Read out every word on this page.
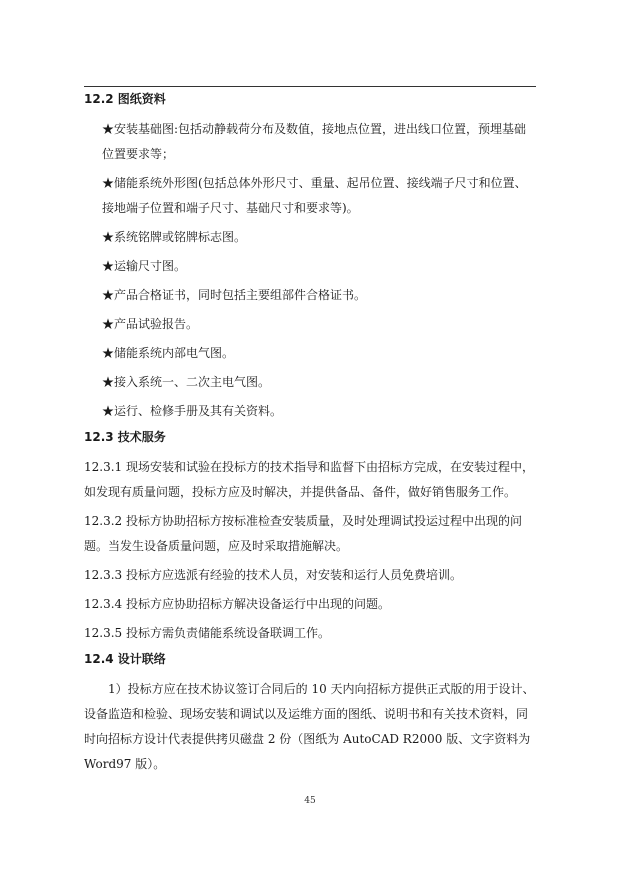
12.2 图纸资料
★安装基础图:包括动静载荷分布及数值，接地点位置，进出线口位置，预埋基础位置要求等；
★储能系统外形图(包括总体外形尺寸、重量、起吊位置、接线端子尺寸和位置、接地端子位置和端子尺寸、基础尺寸和要求等)。
★系统铭牌或铭牌标志图。
★运输尺寸图。
★产品合格证书，同时包括主要组部件合格证书。
★产品试验报告。
★储能系统内部电气图。
★接入系统一、二次主电气图。
★运行、检修手册及其有关资料。
12.3 技术服务
12.3.1 现场安装和试验在投标方的技术指导和监督下由招标方完成，在安装过程中，如发现有质量问题，投标方应及时解决，并提供备品、备件，做好销售服务工作。
12.3.2 投标方协助招标方按标准检查安装质量，及时处理调试投运过程中出现的问题。当发生设备质量问题，应及时采取措施解决。
12.3.3 投标方应选派有经验的技术人员，对安装和运行人员免费培训。
12.3.4 投标方应协助招标方解决设备运行中出现的问题。
12.3.5 投标方需负责储能系统设备联调工作。
12.4 设计联络
1）投标方应在技术协议签订合同后的 10 天内向招标方提供正式版的用于设计、设备监造和检验、现场安装和调试以及运维方面的图纸、说明书和有关技术资料，同时向招标方设计代表提供拷贝磁盘 2 份（图纸为 AutoCAD R2000 版、文字资料为 Word97 版）。
45
